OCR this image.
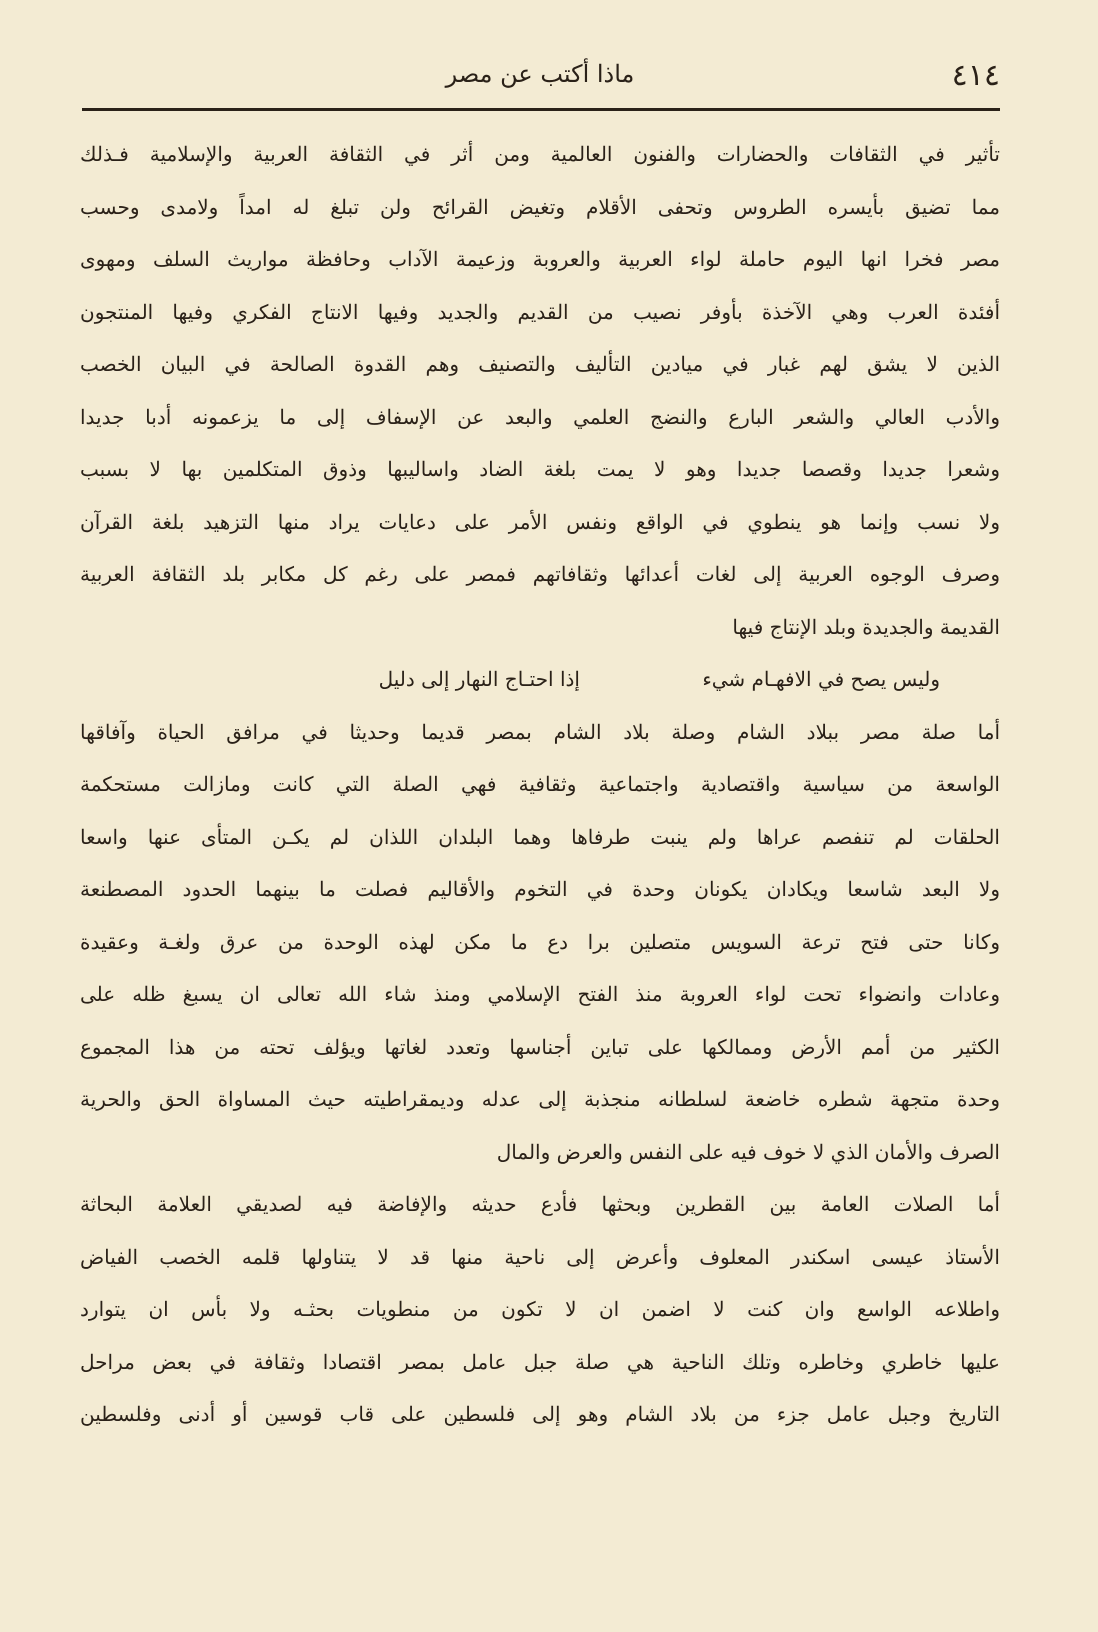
٤١٤
ماذا أكتب عن مصر
تأثير في الثقافات والحضارات والفنون العالمية ومن أثر في الثقافة العربية والإسلامية فـذلك
مما تضيق بأيسره الطروس وتحفى الأقلام وتغيض القرائح ولن تبلغ له امداً ولامدى وحسب
مصر فخرا انها اليوم حاملة لواء العربية والعروبة وزعيمة الآداب وحافظة مواريث السلف ومهوى
أفئدة العرب وهي الآخذة بأوفر نصيب من القديم والجديد وفيها الانتاج الفكري وفيها المنتجون
الذين لا يشق لهم غبار في ميادين التأليف والتصنيف وهم القدوة الصالحة في البيان الخصب
والأدب العالي والشعر البارع والنضج العلمي والبعد عن الإسفاف إلى ما يزعمونه أدبا جديدا
وشعرا جديدا وقصصا جديدا وهو لا يمت بلغة الضاد واساليبها وذوق المتكلمين بها لا بسبب
ولا نسب وإنما هو ينطوي في الواقع ونفس الأمر على دعايات يراد منها التزهيد بلغة القرآن
وصرف الوجوه العربية إلى لغات أعدائها وثقافاتهم فمصر على رغم كل مكابر بلد الثقافة العربية
القديمة والجديدة وبلد الإنتاج فيها
وليس يصح في الافهـام شيء
إذا احتـاج النهار إلى دليل
أما صلة مصر ببلاد الشام وصلة بلاد الشام بمصر قديما وحديثا في مرافق الحياة وآفاقها
الواسعة من سياسية واقتصادية واجتماعية وثقافية فهي الصلة التي كانت ومازالت مستحكمة
الحلقات لم تنفصم عراها ولم ينبت طرفاها وهما البلدان اللذان لم يكـن المتأى عنها واسعا
ولا البعد شاسعا ويكادان يكونان وحدة في التخوم والأقاليم فصلت ما بينهما الحدود المصطنعة
وكانا حتى فتح ترعة السويس متصلين برا دع ما مكن لهذه الوحدة من عرق ولغـة وعقيدة
وعادات وانضواء تحت لواء العروبة منذ الفتح الإسلامي ومنذ شاء الله تعالى ان يسبغ ظله على
الكثير من أمم الأرض وممالكها على تباين أجناسها وتعدد لغاتها ويؤلف تحته من هذا المجموع
وحدة متجهة شطره خاضعة لسلطانه منجذبة إلى عدله وديمقراطيته حيث المساواة الحق والحرية
الصرف والأمان الذي لا خوف فيه على النفس والعرض والمال
أما الصلات العامة بين القطرين وبحثها فأدع حديثه والإفاضة فيه لصديقي العلامة البحاثة
الأستاذ عيسى اسكندر المعلوف وأعرض إلى ناحية منها قد لا يتناولها قلمه الخصب الفياض
واطلاعه الواسع وان كنت لا اضمن ان لا تكون من منطويات بحثـه ولا بأس ان يتوارد
عليها خاطري وخاطره وتلك الناحية هي صلة جبل عامل بمصر اقتصادا وثقافة في بعض مراحل
التاريخ وجبل عامل جزء من بلاد الشام وهو إلى فلسطين على قاب قوسين أو أدنى وفلسطين
